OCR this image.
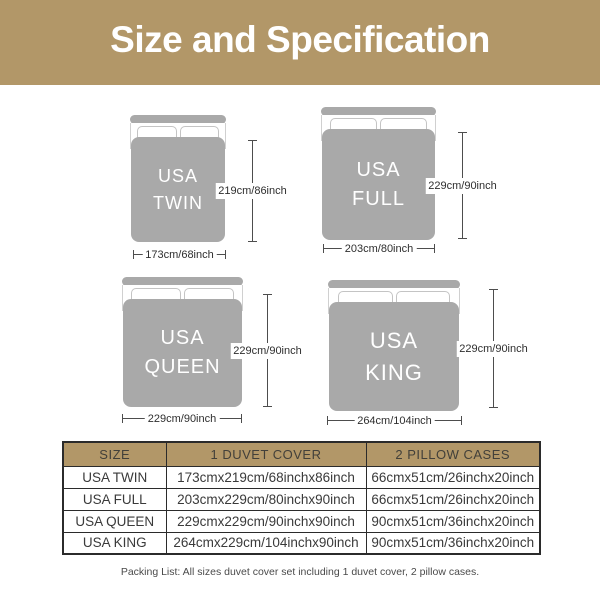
Size and Specification
USA
TWIN
219cm/86inch
173cm/68inch
USA
FULL
229cm/90inch
203cm/80inch
USA
QUEEN
229cm/90inch
229cm/90inch
USA
KING
229cm/90inch
264cm/104inch
SIZE	1 DUVET COVER	2 PILLOW CASES
USA TWIN	173cmx219cm/68inchx86inch	66cmx51cm/26inchx20inch
USA FULL	203cmx229cm/80inchx90inch	66cmx51cm/26inchx20inch
USA QUEEN	229cmx229cm/90inchx90inch	90cmx51cm/36inchx20inch
USA KING	264cmx229cm/104inchx90inch	90cmx51cm/36inchx20inch
Packing List: All sizes duvet cover set including 1 duvet cover, 2 pillow cases.
